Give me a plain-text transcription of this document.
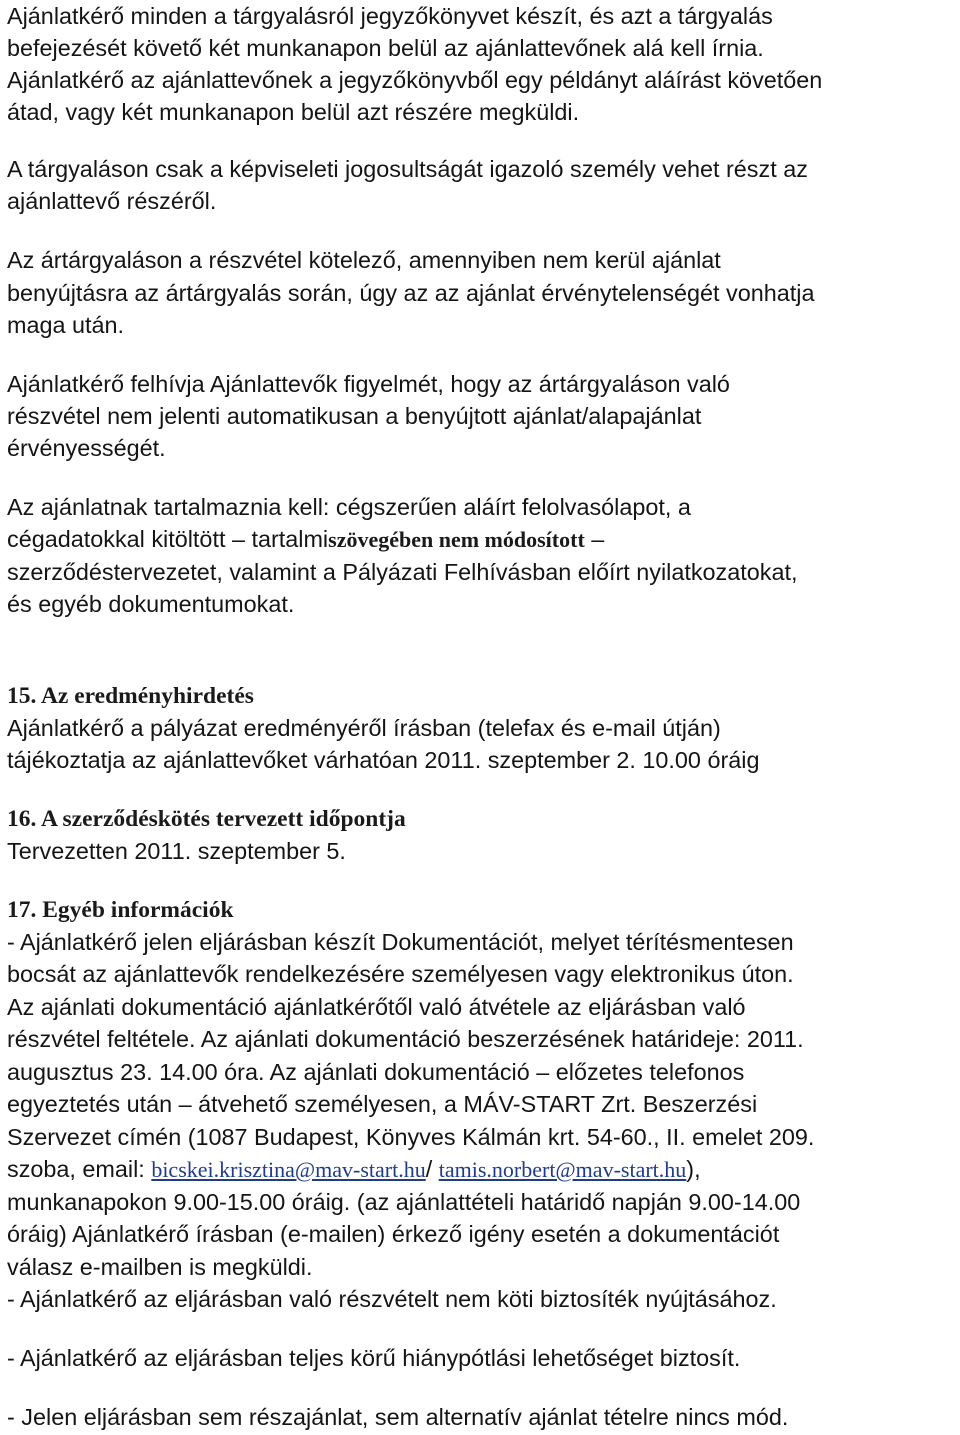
Ajánlatkérő minden a tárgyalásról jegyzőkönyvet készít, és azt a tárgyalás
befejezését követő két munkanapon belül az ajánlattevőnek alá kell írnia.
Ajánlatkérő az ajánlattevőnek a jegyzőkönyvből egy példányt aláírást követően
átad, vagy két munkanapon belül azt részére megküldi.
A tárgyaláson csak a képviseleti jogosultságát igazoló személy vehet részt az
ajánlattevő részéről.
Az ártárgyaláson a részvétel kötelező, amennyiben nem kerül ajánlat
benyújtásra az ártárgyalás során, úgy az az ajánlat érvénytelenségét vonhatja
maga után.
Ajánlatkérő felhívja Ajánlattevők figyelmét, hogy az ártárgyaláson való
részvétel nem jelenti automatikusan a benyújtott ajánlat/alapajánlat
érvényességét.
Az ajánlatnak tartalmaznia kell: cégszerűen aláírt felolvasólapot, a
cégadatokkal kitöltött – tartalmiszövegében nem módosított –
szerződéstervezetet, valamint a Pályázati Felhívásban előírt nyilatkozatokat,
és egyéb dokumentumokat.
15. Az eredményhirdetés
Ajánlatkérő a pályázat eredményéről írásban (telefax és e-mail útján)
tájékoztatja az ajánlattevőket várhatóan 2011. szeptember 2. 10.00 óráig
16. A szerződéskötés tervezett időpontja
Tervezetten 2011. szeptember 5.
17. Egyéb információk
- Ajánlatkérő jelen eljárásban készít Dokumentációt, melyet térítésmentesen
bocsát az ajánlattevők rendelkezésére személyesen vagy elektronikus úton.
Az ajánlati dokumentáció ajánlatkérőtől való átvétele az eljárásban való
részvétel feltétele. Az ajánlati dokumentáció beszerzésének határideje: 2011.
augusztus 23. 14.00 óra. Az ajánlati dokumentáció – előzetes telefonos
egyeztetés után – átvehető személyesen, a MÁV-START Zrt. Beszerzési
Szervezet címén (1087 Budapest, Könyves Kálmán krt. 54-60., II. emelet 209.
szoba, email: bicskei.krisztina@mav-start.hu/ tamis.norbert@mav-start.hu),
munkanapokon 9.00-15.00 óráig. (az ajánlattételi határidő napján 9.00-14.00
óráig) Ajánlatkérő írásban (e-mailen) érkező igény esetén a dokumentációt
válasz e-mailben is megküldi.
- Ajánlatkérő az eljárásban való részvételt nem köti biztosíték nyújtásához.
- Ajánlatkérő az eljárásban teljes körű hiánypótlási lehetőséget biztosít.
- Jelen eljárásban sem részajánlat, sem alternatív ajánlat tételre nincs mód.
